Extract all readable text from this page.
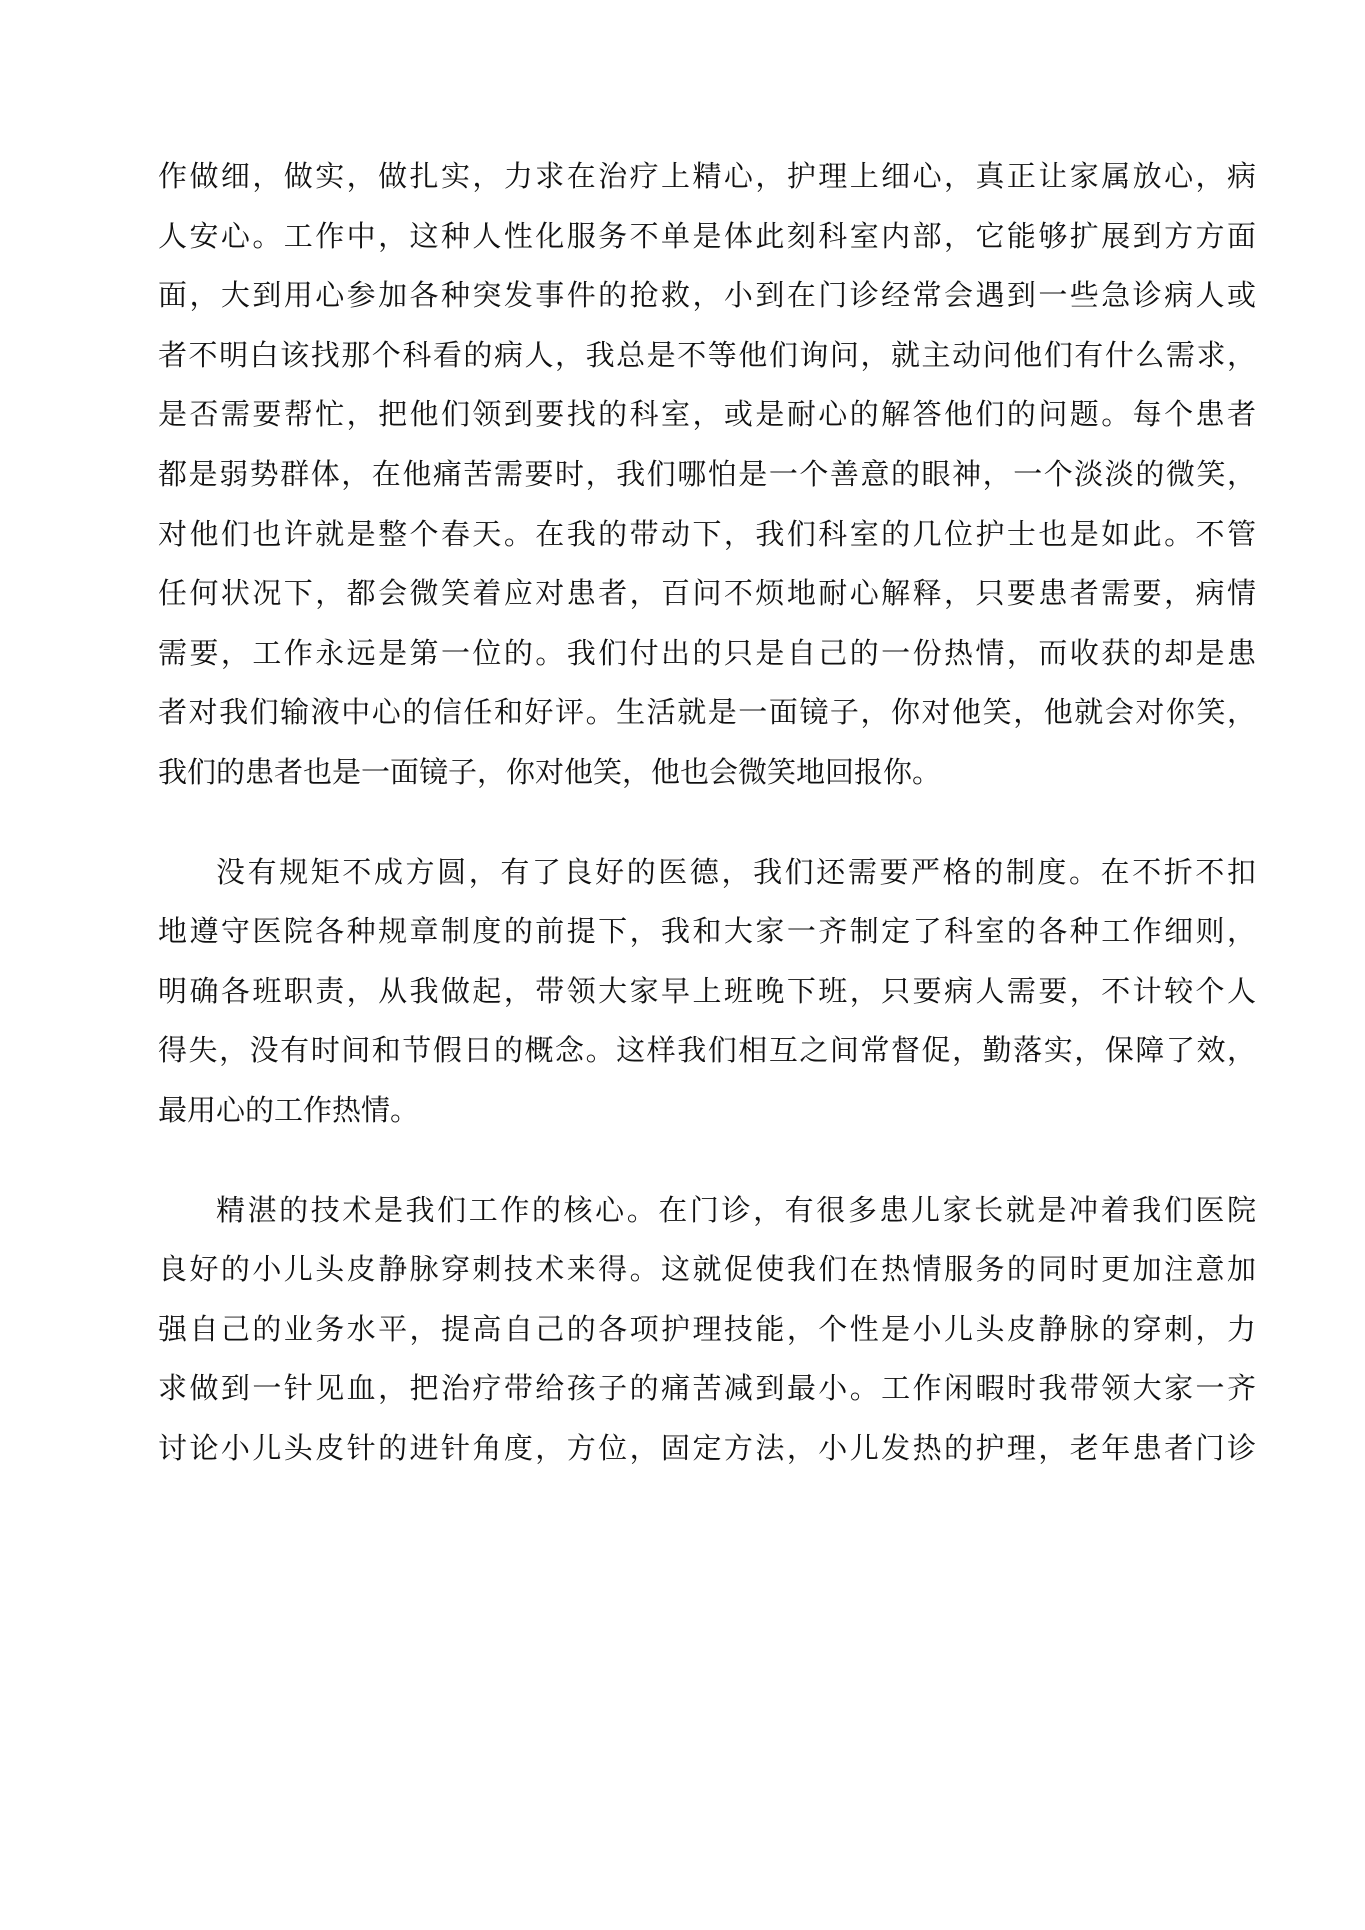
作做细，做实，做扎实，力求在治疗上精心，护理上细心，真正让家属放心，病
人安心。工作中，这种人性化服务不单是体此刻科室内部，它能够扩展到方方面
面，大到用心参加各种突发事件的抢救，小到在门诊经常会遇到一些急诊病人或
者不明白该找那个科看的病人，我总是不等他们询问，就主动问他们有什么需求，
是否需要帮忙，把他们领到要找的科室，或是耐心的解答他们的问题。每个患者
都是弱势群体，在他痛苦需要时，我们哪怕是一个善意的眼神，一个淡淡的微笑，
对他们也许就是整个春天。在我的带动下，我们科室的几位护士也是如此。不管
任何状况下，都会微笑着应对患者，百问不烦地耐心解释，只要患者需要，病情
需要，工作永远是第一位的。我们付出的只是自己的一份热情，而收获的却是患
者对我们输液中心的信任和好评。生活就是一面镜子，你对他笑，他就会对你笑，
我们的患者也是一面镜子，你对他笑，他也会微笑地回报你。
没有规矩不成方圆，有了良好的医德，我们还需要严格的制度。在不折不扣
地遵守医院各种规章制度的前提下，我和大家一齐制定了科室的各种工作细则，
明确各班职责，从我做起，带领大家早上班晚下班，只要病人需要，不计较个人
得失，没有时间和节假日的概念。这样我们相互之间常督促，勤落实，保障了效，
最用心的工作热情。
精湛的技术是我们工作的核心。在门诊，有很多患儿家长就是冲着我们医院
良好的小儿头皮静脉穿刺技术来得。这就促使我们在热情服务的同时更加注意加
强自己的业务水平，提高自己的各项护理技能，个性是小儿头皮静脉的穿刺，力
求做到一针见血，把治疗带给孩子的痛苦减到最小。工作闲暇时我带领大家一齐
讨论小儿头皮针的进针角度，方位，固定方法，小儿发热的护理，老年患者门诊
